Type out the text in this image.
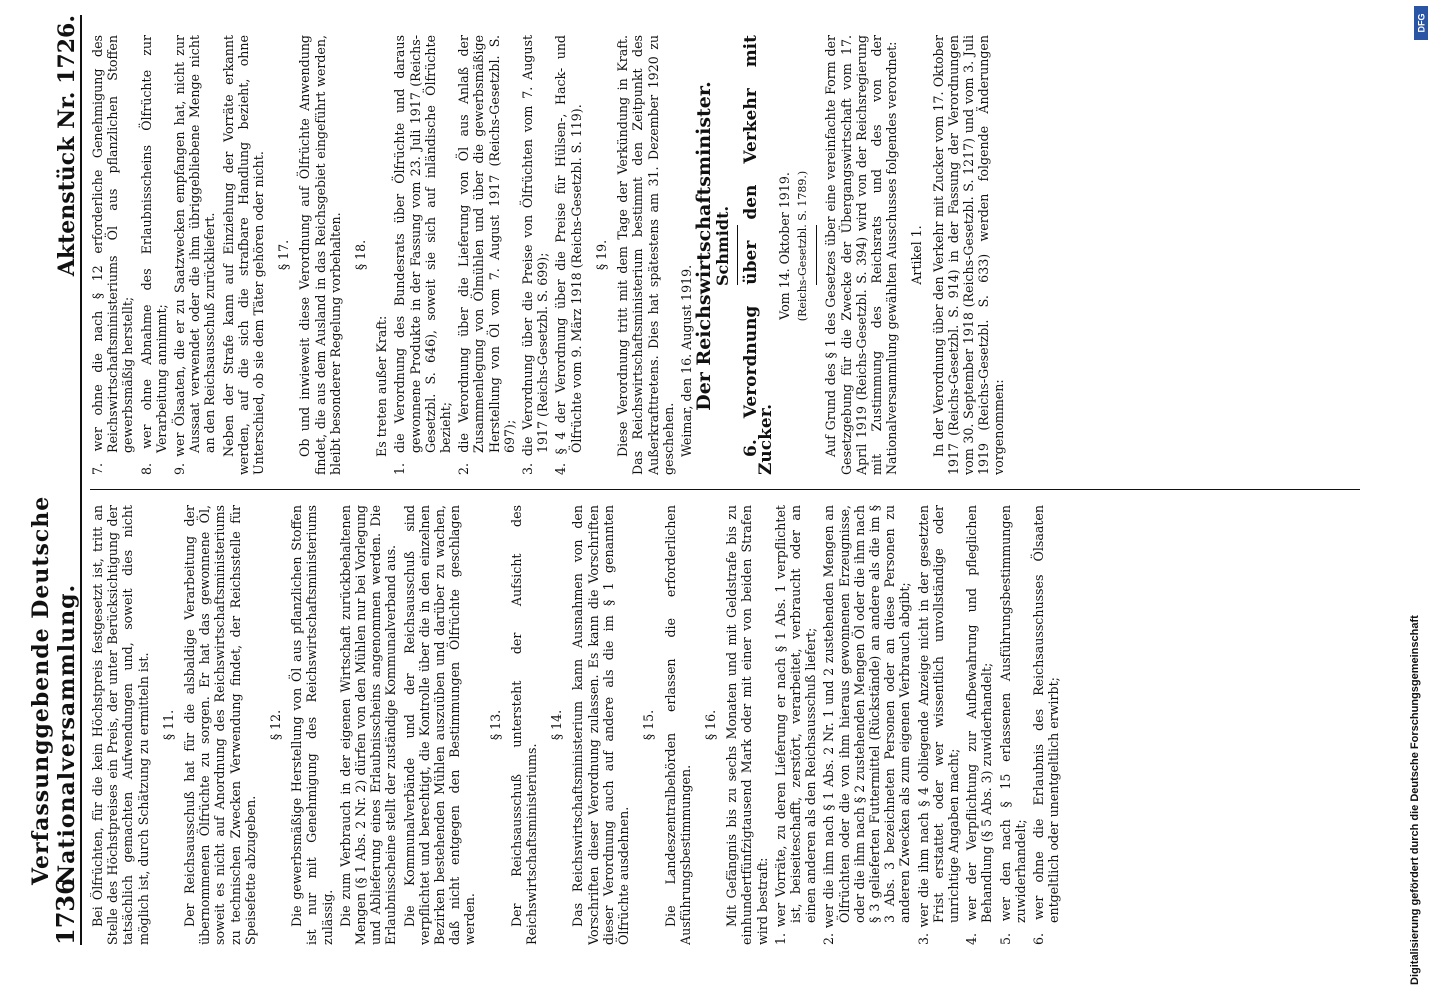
1736
Verfassunggebende Deutsche Nationalversammlung.
Aktenstück Nr. 1726.

Bei Ölfrüchten, für die kein Höchstpreis festgesetzt ist, tritt an Stelle des Höchstpreises ein Preis, der unter Berücksichtigung der tatsächlich gemachten Aufwendungen und, soweit dies nicht möglich ist, durch Schätzung zu ermitteln ist. § 11. Der Reichsausschuß hat für die alsbaldige Verarbeitung der übernommenen Ölfrüchte zu sorgen. Er hat das gewonnene Öl, soweit es nicht auf Anordnung des Reichswirtschaftsministeriums zu technischen Zwecken Verwendung findet, der Reichsstelle für Speisefette abzugeben.

§ 12. Die gewerbsmäßige Herstellung von Öl aus pflanzlichen Stoffen ist nur mit Genehmigung des Reichswirtschaftsministeriums zulässig. Die zum Verbrauch in der eigenen Wirtschaft zurückbehaltenen Mengen (§ 1 Abs. 2 Nr. 2) dürfen von den Mühlen nur bei Vorlegung und Ablieferung eines Erlaubnisscheins angenommen werden. Die Erlaubnisscheine stellt der zuständige Kommunalverband aus. Die Kommunalverbände und der Reichsausschuß sind verpflichtet und berechtigt, die Kontrolle über die in den einzelnen Bezirken bestehenden Mühlen auszuüben und darüber zu wachen, daß nicht entgegen den Bestimmungen Ölfrüchte geschlagen werden.

§ 13. Der Reichsausschuß untersteht der Aufsicht des Reichswirtschaftsministeriums.

§ 14. Das Reichswirtschaftsministerium kann Ausnahmen von den Vorschriften dieser Verordnung zulassen. Es kann die Vorschriften dieser Verordnung auch auf andere als die im § 1 genannten Ölfrüchte ausdehnen.

§ 15. Die Landeszentralbehörden erlassen die erforderlichen Ausführungsbestimmungen.

§ 16. Mit Gefängnis bis zu sechs Monaten und mit Geldstrafe bis zu einhundertfünfzigtausend Mark oder mit einer von beiden Strafen wird bestraft: 1. wer Vorräte, zu deren Lieferung er nach § 1 Abs. 1 verpflichtet ist, beiseiteschafft, zerstört, verarbeitet, verbraucht oder an einen anderen als den Reichsausschuß liefert; 2. wer die ihm nach § 1 Abs. 2 Nr. 1 und 2 zustehenden Mengen an Ölfrüchten oder die von ihm hieraus gewonnenen Erzeugnisse, oder die ihm nach § 2 zustehenden Mengen Öl oder die ihm nach § 3 gelieferten Futtermittel (Rückstände) an andere als die im § 3 Abs. 3 bezeichneten Personen oder an diese Personen zu anderen Zwecken als zum eigenen Verbrauch abgibt; 3. wer die ihm nach § 4 obliegende Anzeige nicht in der gesetzten Frist erstattet oder wer wissentlich unvollständige oder unrichtige Angaben macht; 4. wer der Verpflichtung zur Aufbewahrung und pfleglichen Behandlung (§ 5 Abs. 3) zuwiderhandelt; 5. wer den nach § 15 erlassenen Ausführungsbestimmungen zuwiderhandelt; 6. wer ohne die Erlaubnis des Reichsausschusses Ölsaaten entgeltlich oder unentgeltlich erwirbt;

7. wer ohne die nach § 12 erforderliche Genehmigung des Reichswirtschaftsministeriums Öl aus pflanzlichen Stoffen gewerbsmäßig herstellt; 8. wer ohne Abnahme des Erlaubnisscheins Ölfrüchte zur Verarbeitung annimmt; 9. wer Ölsaaten, die er zu Saatzwecken empfangen hat, nicht zur Aussaat verwendet oder die ihm übriggebliebene Menge nicht an den Reichsausschuß zurückliefert. Neben der Strafe kann auf Einziehung der Vorräte erkannt werden, auf die sich die strafbare Handlung bezieht, ohne Unterschied, ob sie dem Täter gehören oder nicht. § 17. Ob und inwieweit diese Verordnung auf Ölfrüchte Anwendung findet, die aus dem Ausland in das Reichsgebiet eingeführt werden, bleibt besonderer Regelung vorbehalten. § 18.

Es treten außer Kraft: 1. die Verordnung des Bundesrats über Ölfrüchte und daraus gewonnene Produkte in der Fassung vom 23. Juli 1917 (Reichs-Gesetzbl. S. 646), soweit sie sich auf inländische Ölfrüchte bezieht; 2. die Verordnung über die Lieferung von Öl aus Anlaß der Zusammenlegung von Ölmühlen und über die gewerbsmäßige Herstellung von Öl vom 7. August 1917 (Reichs-Gesetzbl. S. 697); 3. die Verordnung über die Preise von Ölfrüchten vom 7. August 1917 (Reichs-Gesetzbl. S. 699); 4. § 4 der Verordnung über die Preise für Hülsen-, Hack- und Ölfrüchte vom 9. März 1918 (Reichs-Gesetzbl. S. 119). § 19. Diese Verordnung tritt mit dem Tage der Verkündung in Kraft. Das Reichswirtschaftsministerium bestimmt den Zeitpunkt des Außerkrafttretens. Dies hat spätestens am 31. Dezember 1920 zu geschehen. Weimar, den 16. August 1919. Der Reichswirtschaftsminister.

Schmidt. 6. Verordnung über den Verkehr mit Zucker.

Vom 14. Oktober 1919. (Reichs-Gesetzbl. S. 1789.) Auf Grund des § 1 des Gesetzes über eine vereinfachte Form der Gesetzgebung für die Zwecke der Übergangswirtschaft vom 17. April 1919 (Reichs-Gesetzbl. S. 394) wird von der Reichsregierung mit Zustimmung des Reichsrats und des von der Nationalversammlung gewählten Ausschusses folgendes verordnet: Artikel 1. In der Verordnung über den Verkehr mit Zucker vom 17. Oktober 1917 (Reichs-Gesetzbl. S. 914) in der Fassung der Verordnungen vom 30. September 1918 (Reichs-Gesetzbl. S. 1217) und vom 3. Juli 1919 (Reichs-Gesetzbl. S. 633) werden folgende Änderungen vorgenommen:

DFG
Digitalisierung gefördert durch die Deutsche Forschungsgemeinschaft
